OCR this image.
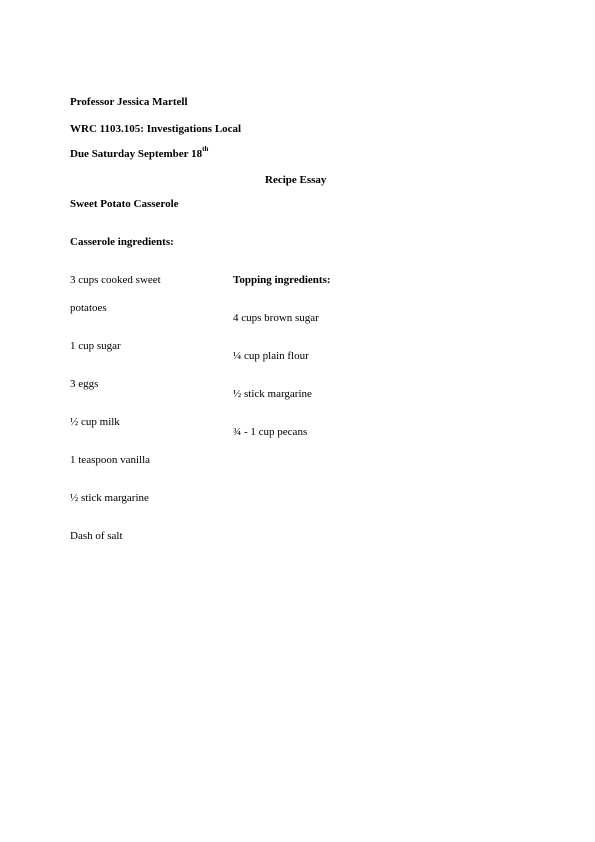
Professor Jessica Martell
WRC 1103.105: Investigations Local
Due Saturday September 18th
Recipe Essay
Sweet Potato Casserole
Casserole ingredients:
3 cups cooked sweet
potatoes
1 cup sugar
3 eggs
½ cup milk
1 teaspoon vanilla
½ stick margarine
Dash of salt
Topping ingredients:
4 cups brown sugar
¼ cup plain flour
½ stick margarine
¾ - 1 cup pecans
